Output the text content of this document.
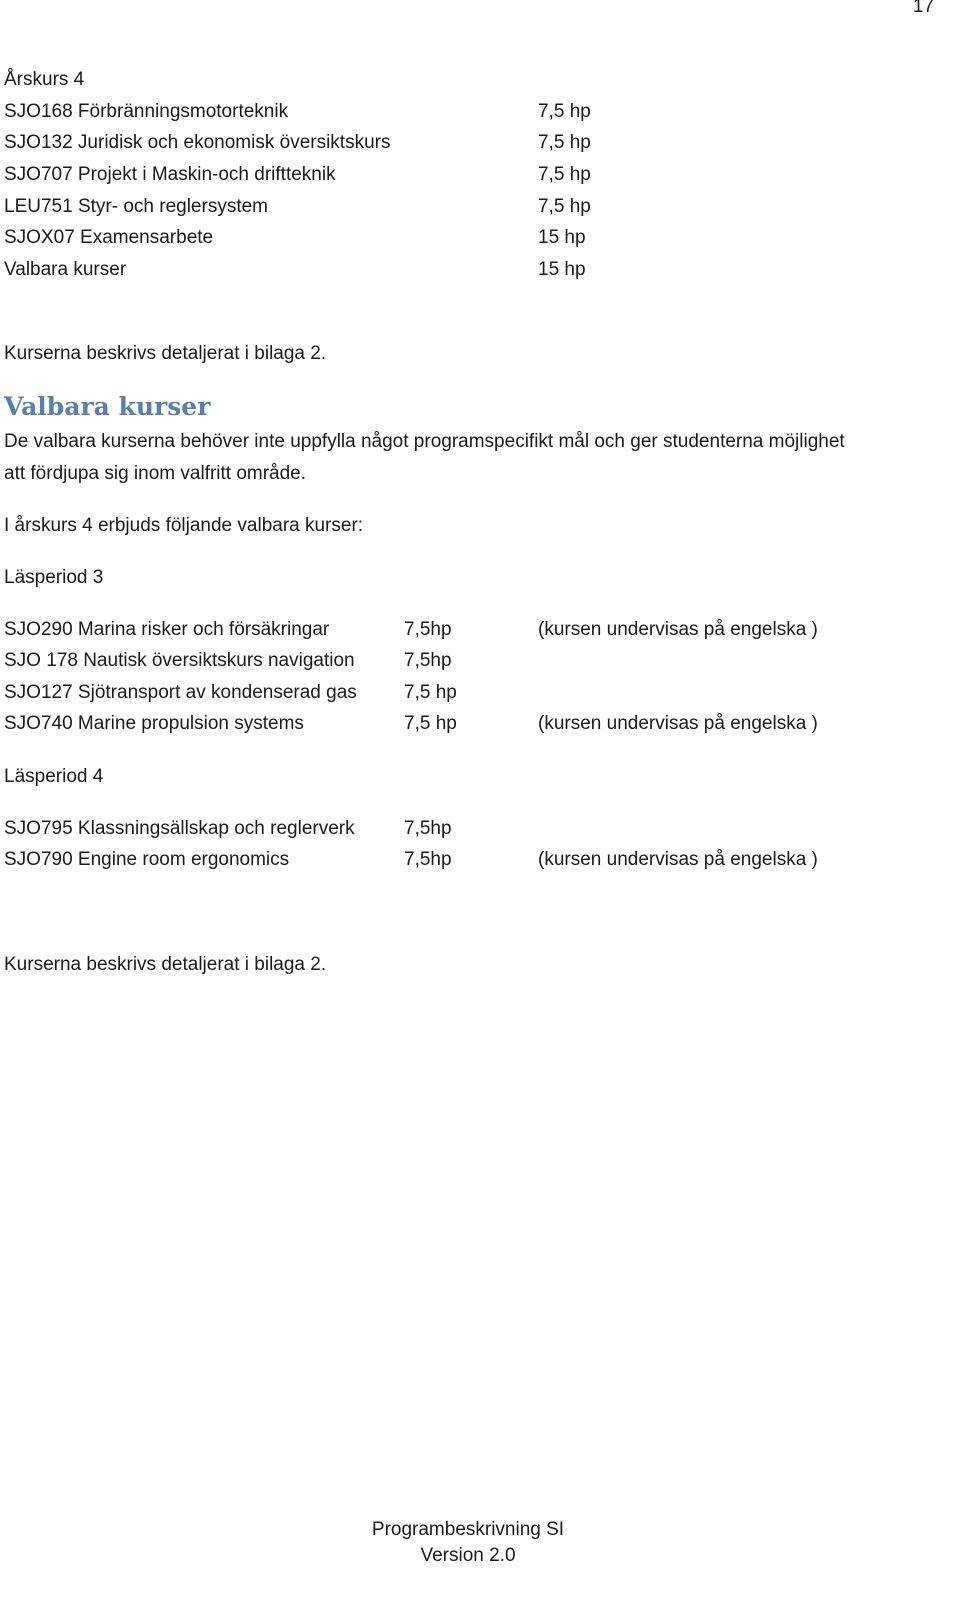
17
Årskurs 4
SJO168 Förbränningsmotorteknik	7,5 hp
SJO132 Juridisk och ekonomisk översiktskurs	7,5 hp
SJO707 Projekt i Maskin-och driftteknik	7,5 hp
LEU751 Styr- och reglersystem	7,5 hp
SJOX07 Examensarbete	15 hp
Valbara kurser	15 hp
Kurserna beskrivs detaljerat i bilaga 2.
Valbara kurser
De valbara kurserna behöver inte uppfylla något programspecifikt mål och ger studenterna möjlighet
att fördjupa sig inom valfritt område.
I årskurs 4 erbjuds följande valbara kurser:
Läsperiod 3
SJO290 Marina risker och försäkringar	7,5hp	(kursen undervisas på engelska )
SJO 178 Nautisk översiktskurs navigation	7,5hp
SJO127 Sjötransport av kondenserad gas 7,5 hp
SJO740 Marine propulsion systems	7,5 hp	(kursen undervisas på engelska )
Läsperiod 4
SJO795 Klassningsällskap och reglerverk	7,5hp
SJO790 Engine room ergonomics	7,5hp	(kursen undervisas på engelska )
Kurserna beskrivs detaljerat i bilaga 2.
Programbeskrivning SI
Version 2.0
